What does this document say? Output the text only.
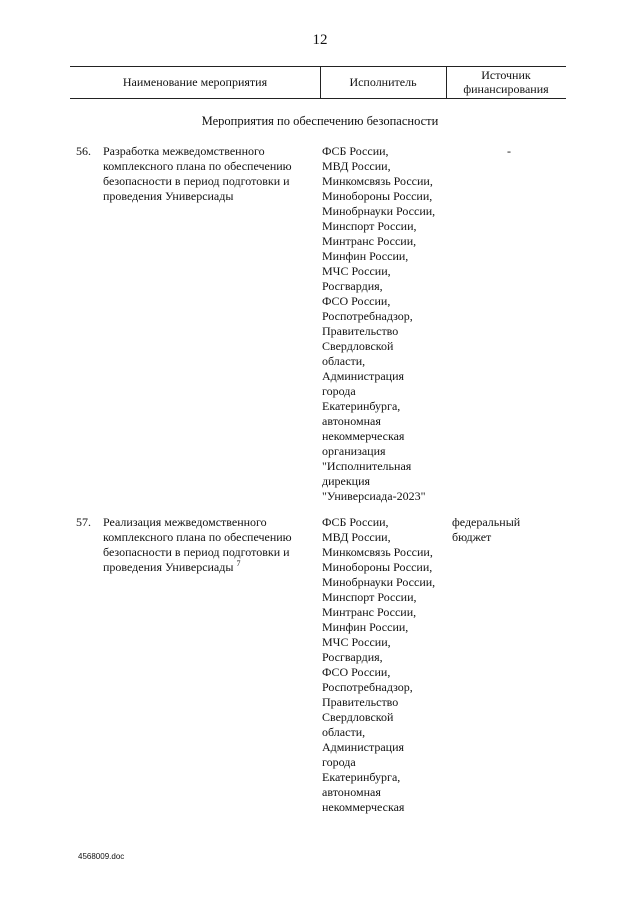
12
Наименование мероприятия	Исполнитель	Источник
финансирования
Мероприятия по обеспечению безопасности
56. Разработка межведомственного комплексного плана по обеспечению безопасности в период подготовки и проведения Универсиады
ФСБ России,
МВД России,
Минкомсвязь России,
Минобороны России,
Минобрнауки России,
Минспорт России,
Минтранс России,
Минфин России,
МЧС России,
Росгвардия,
ФСО России,
Роспотребнадзор,
Правительство
Свердловской
области,
Администрация
города
Екатеринбурга,
автономная
некоммерческая
организация
"Исполнительная
дирекция
"Универсиада-2023"
-
57. Реализация межведомственного комплексного плана по обеспечению безопасности в период подготовки и проведения Универсиады $^7$
ФСБ России,
МВД России,
Минкомсвязь России,
Минобороны России,
Минобрнауки России,
Минспорт России,
Минтранс России,
Минфин России,
МЧС России,
Росгвардия,
ФСО России,
Роспотребнадзор,
Правительство
Свердловской
области,
Администрация
города
Екатеринбурга,
автономная
некоммерческая
федеральный бюджет
4568009.doc
